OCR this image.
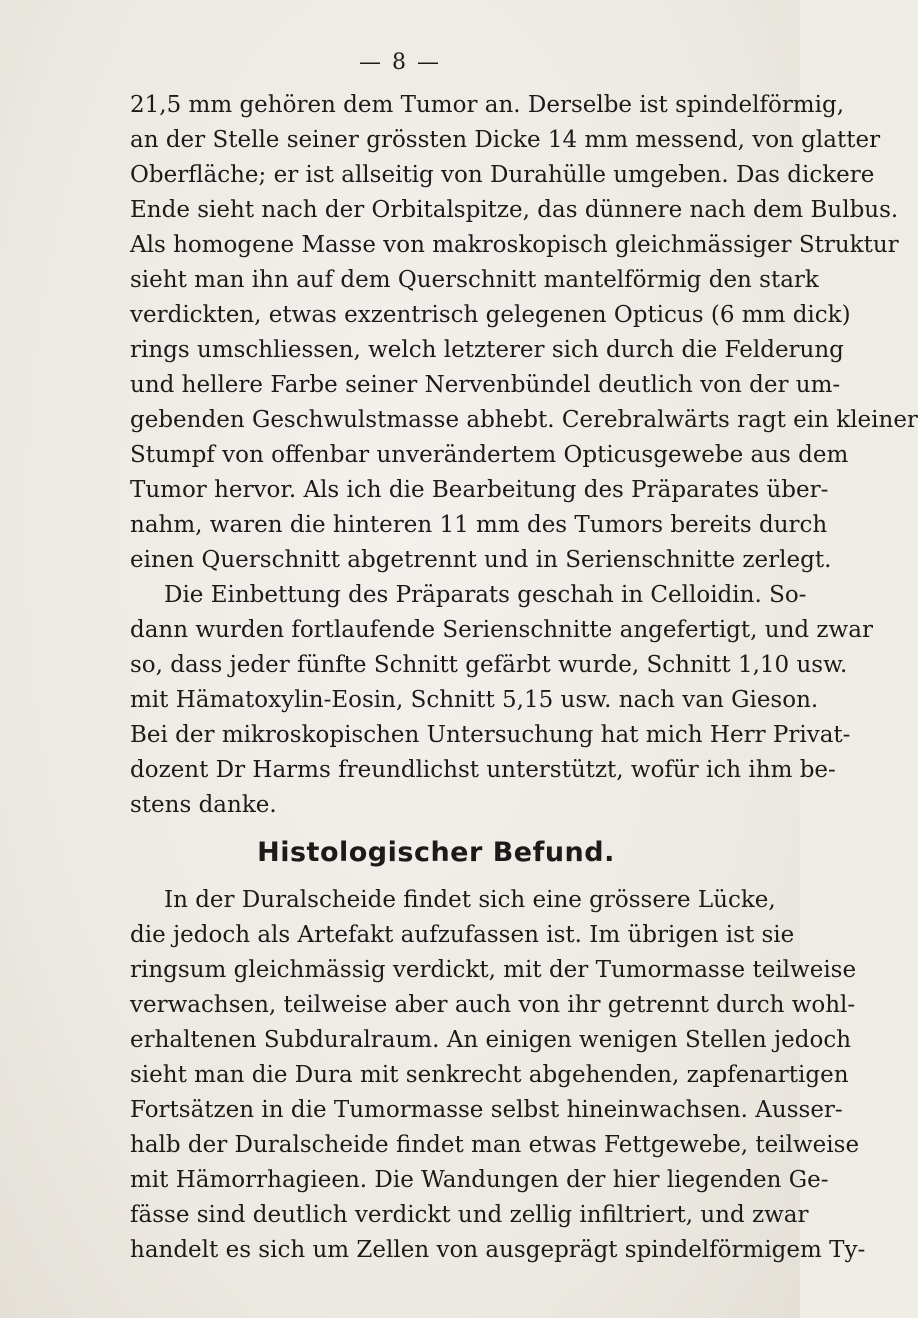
— 8 —
21,5 mm gehören dem Tumor an. Derselbe ist spindelförmig,
an der Stelle seiner grössten Dicke 14 mm messend, von glatter
Oberfläche; er ist allseitig von Durahülle umgeben. Das dickere
Ende sieht nach der Orbitalspitze, das dünnere nach dem Bulbus.
Als homogene Masse von makroskopisch gleichmässiger Struktur
sieht man ihn auf dem Querschnitt mantelförmig den stark
verdickten, etwas exzentrisch gelegenen Opticus (6 mm dick)
rings umschliessen, welch letzterer sich durch die Felderung
und hellere Farbe seiner Nervenbündel deutlich von der um-
gebenden Geschwulstmasse abhebt. Cerebralwärts ragt ein kleiner
Stumpf von offenbar unverändertem Opticusgewebe aus dem
Tumor hervor. Als ich die Bearbeitung des Präparates über-
nahm, waren die hinteren 11 mm des Tumors bereits durch
einen Querschnitt abgetrennt und in Serienschnitte zerlegt.
Die Einbettung des Präparats geschah in Celloidin. So-
dann wurden fortlaufende Serienschnitte angefertigt, und zwar
so, dass jeder fünfte Schnitt gefärbt wurde, Schnitt 1,10 usw.
mit Hämatoxylin-Eosin, Schnitt 5,15 usw. nach van Gieson.
Bei der mikroskopischen Untersuchung hat mich Herr Privat-
dozent Dr Harms freundlichst unterstützt, wofür ich ihm be-
stens danke.
Histologischer Befund.
In der Duralscheide findet sich eine grössere Lücke,
die jedoch als Artefakt aufzufassen ist. Im übrigen ist sie
ringsum gleichmässig verdickt, mit der Tumormasse teilweise
verwachsen, teilweise aber auch von ihr getrennt durch wohl-
erhaltenen Subduralraum. An einigen wenigen Stellen jedoch
sieht man die Dura mit senkrecht abgehenden, zapfenartigen
Fortsätzen in die Tumormasse selbst hineinwachsen. Ausser-
halb der Duralscheide findet man etwas Fettgewebe, teilweise
mit Hämorrhagieen. Die Wandungen der hier liegenden Ge-
fässe sind deutlich verdickt und zellig infiltriert, und zwar
handelt es sich um Zellen von ausgeprägt spindelförmigem Ty-
